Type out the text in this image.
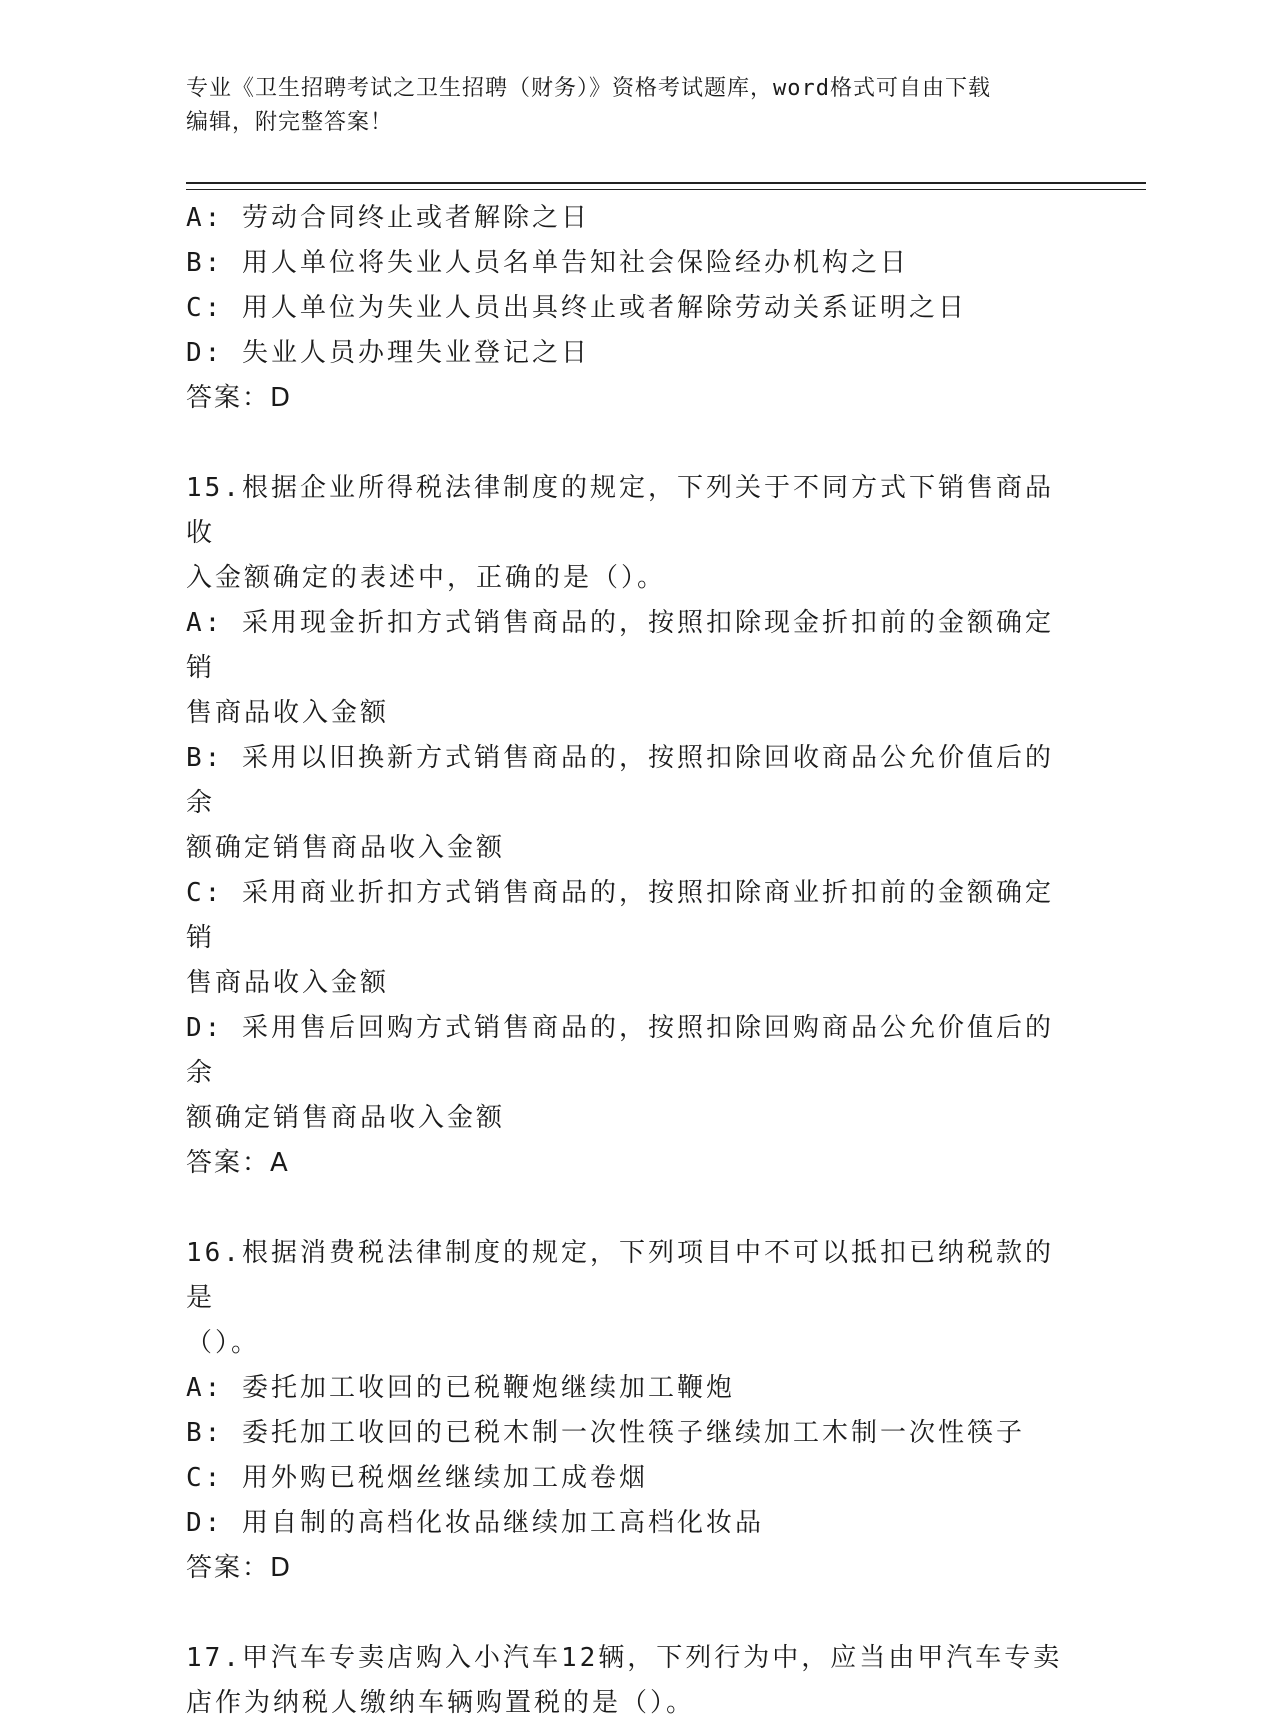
专业《卫生招聘考试之卫生招聘（财务）》资格考试题库，word格式可自由下载
编辑，附完整答案！

A: 劳动合同终止或者解除之日

B: 用人单位将失业人员名单告知社会保险经办机构之日

C: 用人单位为失业人员出具终止或者解除劳动关系证明之日

D: 失业人员办理失业登记之日

答案：D

15.根据企业所得税法律制度的规定，下列关于不同方式下销售商品收

入金额确定的表述中，正确的是（）。

A: 采用现金折扣方式销售商品的，按照扣除现金折扣前的金额确定销

售商品收入金额

B: 采用以旧换新方式销售商品的，按照扣除回收商品公允价值后的余

额确定销售商品收入金额

C: 采用商业折扣方式销售商品的，按照扣除商业折扣前的金额确定销

售商品收入金额

D: 采用售后回购方式销售商品的，按照扣除回购商品公允价值后的余

额确定销售商品收入金额

答案：A

16.根据消费税法律制度的规定，下列项目中不可以抵扣已纳税款的是

（）。

A: 委托加工收回的已税鞭炮继续加工鞭炮

B: 委托加工收回的已税木制一次性筷子继续加工木制一次性筷子

C: 用外购已税烟丝继续加工成卷烟

D: 用自制的高档化妆品继续加工高档化妆品

答案：D

17.甲汽车专卖店购入小汽车12辆，下列行为中，应当由甲汽车专卖

店作为纳税人缴纳车辆购置税的是（）。
